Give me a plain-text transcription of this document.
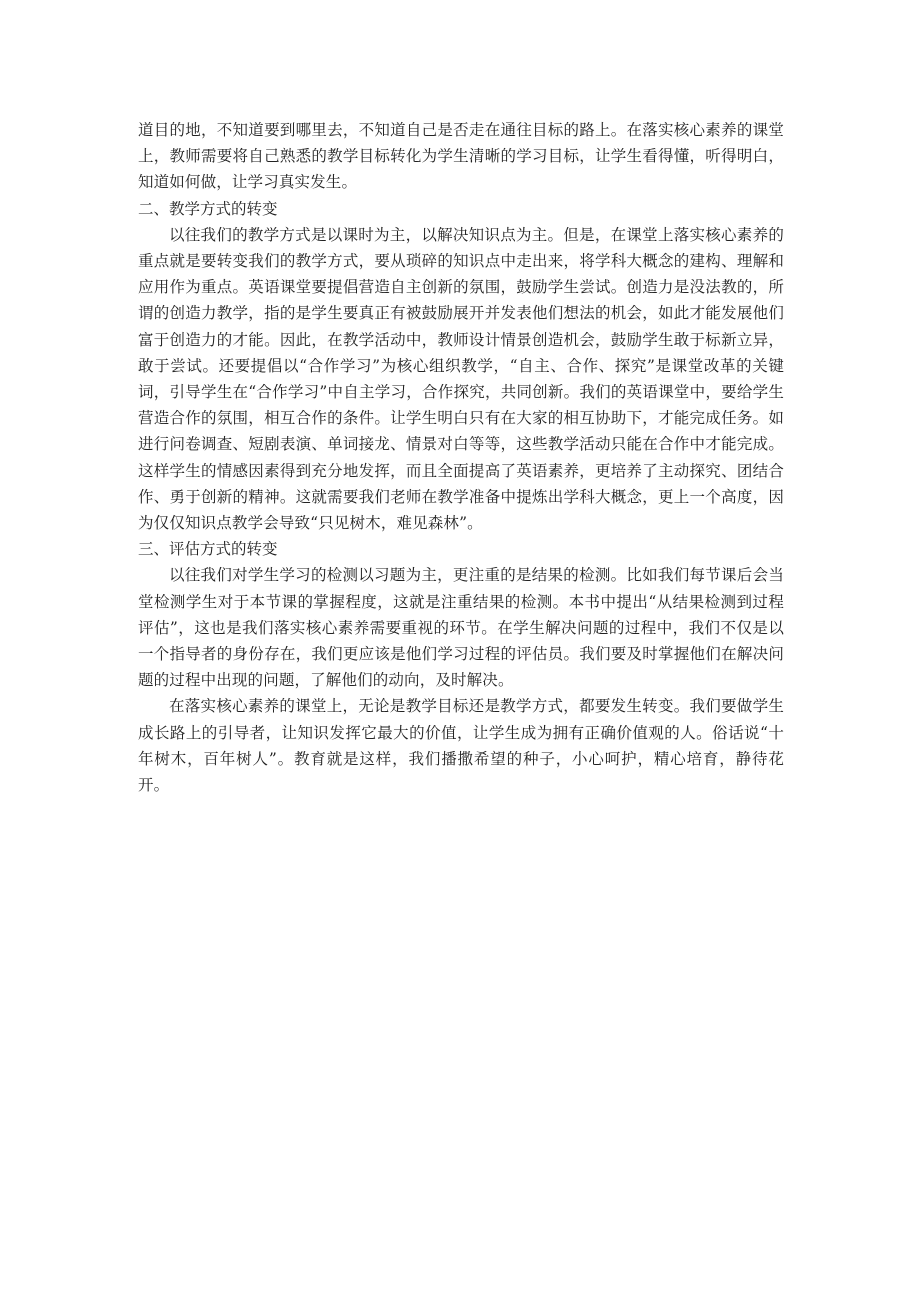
道目的地，不知道要到哪里去，不知道自己是否走在通往目标的路上。在落实核心素养的课堂上，教师需要将自己熟悉的教学目标转化为学生清晰的学习目标，让学生看得懂，听得明白，知道如何做，让学习真实发生。

二、教学方式的转变

以往我们的教学方式是以课时为主，以解决知识点为主。但是，在课堂上落实核心素养的重点就是要转变我们的教学方式，要从琐碎的知识点中走出来，将学科大概念的建构、理解和应用作为重点。英语课堂要提倡营造自主创新的氛围，鼓励学生尝试。创造力是没法教的，所谓的创造力教学，指的是学生要真正有被鼓励展开并发表他们想法的机会，如此才能发展他们富于创造力的才能。因此，在教学活动中，教师设计情景创造机会，鼓励学生敢于标新立异，敢于尝试。还要提倡以“合作学习”为核心组织教学，“自主、合作、探究”是课堂改革的关键词，引导学生在“合作学习”中自主学习，合作探究，共同创新。我们的英语课堂中，要给学生营造合作的氛围，相互合作的条件。让学生明白只有在大家的相互协助下，才能完成任务。如进行问卷调查、短剧表演、单词接龙、情景对白等等，这些教学活动只能在合作中才能完成。这样学生的情感因素得到充分地发挥，而且全面提高了英语素养，更培养了主动探究、团结合作、勇于创新的精神。这就需要我们老师在教学准备中提炼出学科大概念，更上一个高度，因为仅仅知识点教学会导致“只见树木，难见森林”。

三、评估方式的转变

以往我们对学生学习的检测以习题为主，更注重的是结果的检测。比如我们每节课后会当堂检测学生对于本节课的掌握程度，这就是注重结果的检测。本书中提出“从结果检测到过程评估”，这也是我们落实核心素养需要重视的环节。在学生解决问题的过程中，我们不仅是以一个指导者的身份存在，我们更应该是他们学习过程的评估员。我们要及时掌握他们在解决问题的过程中出现的问题，了解他们的动向，及时解决。

在落实核心素养的课堂上，无论是教学目标还是教学方式，都要发生转变。我们要做学生成长路上的引导者，让知识发挥它最大的价值，让学生成为拥有正确价值观的人。俗话说“十年树木，百年树人”。教育就是这样，我们播撒希望的种子，小心呵护，精心培育，静待花开。
